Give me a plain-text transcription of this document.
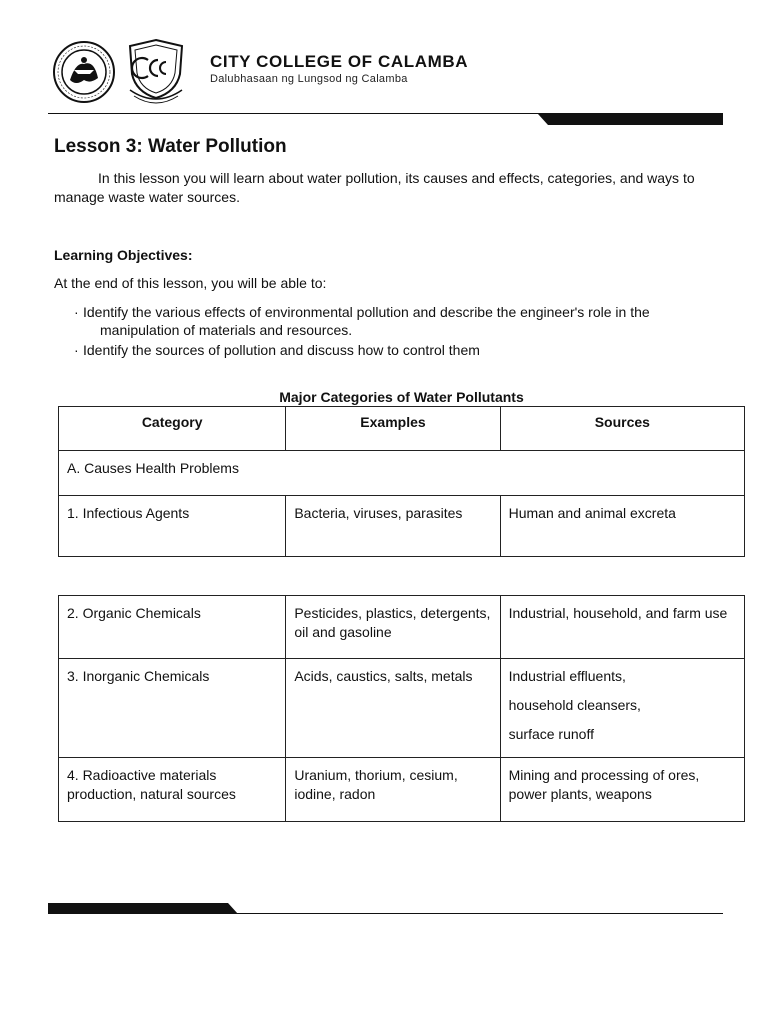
CITY COLLEGE OF CALAMBA
Dalubhasaan ng Lungsod ng Calamba
Lesson 3: Water Pollution
In this lesson you will learn about water pollution, its causes and effects, categories, and ways to manage waste water sources.
Learning Objectives:
At the end of this lesson, you will be able to:
· Identify the various effects of environmental pollution and describe the engineer's role in the manipulation of materials and resources.
· Identify the sources of pollution and discuss how to control them
Major Categories of Water Pollutants
Category	Examples	Sources
A. Causes Health Problems		
1. Infectious Agents	Bacteria, viruses, parasites	Human and animal excreta
2. Organic Chemicals	Pesticides, plastics, detergents, oil and gasoline	Industrial, household, and farm use
3. Inorganic Chemicals	Acids, caustics, salts, metals	Industrial effluents,
household cleansers,
surface runoff

4. Radioactive materials production, natural sources	Uranium, thorium, cesium, iodine, radon	Mining and processing of ores, power plants, weapons
